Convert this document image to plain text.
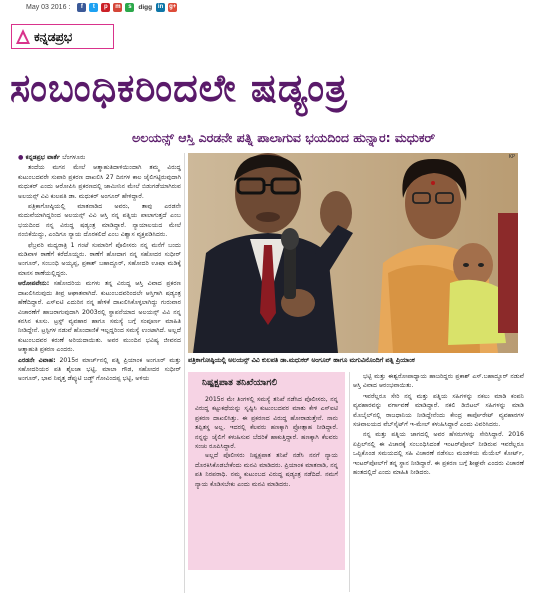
May 03 2016 :	f	t	p	m	s	digg in g+
ಕನ್ನಡಪ್ರಭ
ಸಂಬಂಧಿಕರಿಂದಲೇ ಷಡ್ಯಂತ್ರ
ಅಲಯನ್ಸ್ ಆಸ್ತಿ ಎರಡನೇ ಪತ್ನಿ ಪಾಲಾಗುವ ಭಯದಿಂದ ಹುನ್ನಾರ: ಮಧುಕರ್

● ಕನ್ನಡಪ್ರಭ ವಾರ್ತೆ ಬೆಂಗಳೂರು

ತಂದೆಯ ಮಗನ ಮೇಲೆ ಆತ್ಮಾಹುತಿದಾಳಿಯಿಂದಾಗಿ ತಮ್ಮ ವಿರುದ್ಧ ಕುಟುಂಬದವರೇ ಸುಪಾರಿ ಪ್ರಕರಣ ದಾಖಲಿಸಿ 27 ದಿನಗಳ ಕಾಲ ಜೈಲಿಗಟ್ಟಿರುವುದಾಗಿ ಮಧುಕರ್ ಎಂದು ಆರೋಪಿಸಿ ಪ್ರಕರಣದಲ್ಲಿ ಜಾಮೀನಿನ ಮೇಲೆ ಬಿಡುಗಡೆಯಾಗಿರುವ ಅಲಯನ್ಸ್ ವಿವಿ ಕುಲಪತಿ ಡಾ. ಮಧುಕರ್ ಅಂಗೂರ್ ಹೇಳಿದ್ದಾರೆ.

ಪತ್ರಿಕಾಗೋಷ್ಠಿಯಲ್ಲಿ ಮಾತನಾಡಿದ ಅವರು, ತಾವು ಎರಡನೇ ಮದುವೆಯಾಗಿದ್ದರಿಂದ ಅಲಯನ್ಸ್ ವಿವಿ ಆಸ್ತಿ ನನ್ನ ಪತ್ನಿಯ ಪಾಲಾಗುತ್ತದೆ ಎಂಬ ಭಯದಿಂದ ನನ್ನ ವಿರುದ್ಧ ಷಡ್ಯಂತ್ರ ಮಾಡಿದ್ದಾರೆ. ನ್ಯಾಯಾಲಯದ ಮೇಲೆ ನಂಬಿಕೆಯಿದ್ದು, ಎಂದಿಗೂ ನ್ಯಾಯ ದೊರಕಲಿದೆ ಎಂಬ ವಿಶ್ವಾಸ ವ್ಯಕ್ತಪಡಿಸಿದರು.

ಫೆಬ್ರವರಿ ಮಧ್ಯರಾತ್ರಿ 1 ಗಂಟೆ ಸುಮಾರಿಗೆ ಪೊಲೀಸರು ನನ್ನ ಮನೆಗೆ ಬಂದು ಮಡಿವಾಳ ಠಾಣೆಗೆ ಕರೆದೊಯ್ದರು. ಠಾಣೆಗೆ ಹೋದಾಗ ನನ್ನ ಸಹೋದರ ಸುಧೀರ್ ಅಂಗೂರ್, ಸಂಬಂಧಿ ಅಯ್ಯಪ್ಪ, ಪ್ರಕಾಶ್ ಬಹಾದ್ದೂರ್, ಸಹೋದರಿ ಊಷಾ ಮಡಿಕ್ಕೆ ಮಾನಸ ಠಾಣೆಯಲ್ಲಿದ್ದರು.

ಆರೋಪವೇನು: ಸಹೋದರಿಯ ಮಗಳು ತನ್ನ ವಿರುದ್ಧ ಆಸ್ತಿ ವಿವಾದ ಪ್ರಕರಣ ದಾಖಲಿಸಿರುವುದು ತೀವ್ರ ಆಘಾತವಾಗಿದೆ. ಕುಟುಂಬದವರಿಂದಲೇ ಆಸ್ತಿಗಾಗಿ ಷಡ್ಯಂತ್ರ ಹೆಣೆದಿದ್ದಾರೆ. ಎಸ್‌ಐಟಿ ಎದುರಿನ ನನ್ನ ಹೇಳಿಕೆ ದಾಖಲಿಸಿಕೊಳ್ಳಲಾಗಿದ್ದು ಗುರುವಾರ ವಿಚಾರಣೆಗೆ ಹಾಜರಾಗುವುದಾಗಿ 2003ರಲ್ಲಿ ಸ್ಥಾಪನೆಯಾದ ಅಲಯನ್ಸ್ ವಿವಿ ನನ್ನ ಕನಸಿನ ಕೂಸು. ಟ್ರಸ್ಟ್ ವ್ಯವಹಾರ ಹಾಗೂ ಸಮಸ್ಯೆ ಬಗ್ಗೆ ಸಂಪೂರ್ಣ ಮಾಹಿತಿ ನೀಡಿದ್ದೇನೆ. ಟ್ರಸ್ಟಿಗಳ ನಡುವೆ ಹೊಂದಾಣಿಕೆ ಇಲ್ಲದ್ದರಿಂದ ಸಮಸ್ಯೆ ಉಂಟಾಗಿದೆ. ಅಲ್ಲದೆ ಕುಟುಂಬದವರ ಕರುಣೆ ಅರಿಯದಾಯಿತು. ಅವರ ಮುಂದಿನ ಭವಿಷ್ಯ ಜೀವನದ ಆತ್ಮಾಹುತಿ ಪ್ರಕರಣ ಎಂದರು.

ಎರಡನೇ ವಿವಾಹ: 2015ರ ಮಾರ್ಚ್‌ನಲ್ಲಿ ಪತ್ನಿ ಪ್ರಿಯಾಂಕ ಅಂಗೂರ್ ಮತ್ತು ಸಹೋದರಿಯರ ಪತಿ ಶೈಲಜಾ ಭಟ್ಟಿ, ಮಾಲಾ ಗೌಡ, ಸಹೋದರ ಸುಧೀರ್ ಅಂಗೂರ್, ಭಾವ ನಿವೃತ್ತ ಡೆಪ್ಯುಟಿ ಜಡ್ಜ್ ಗೋವಿಂದಪ್ಪ ಭಟ್ಟಿ, ಅಳಿಯ

KP
ಪತ್ರಿಕಾಗೋಷ್ಠಿಯಲ್ಲಿ ಅಲಯನ್ಸ್ ವಿವಿ ಕುಲಪತಿ ಡಾ.ಮಧುಕರ್ ಅಂಗೂರ್ ಹಾಗೂ ಮಗುವಿನೊಂದಿಗೆ ಪತ್ನಿ ಪ್ರಿಯಾಂಕ
ನಿಷ್ಪಕ್ಷಪಾತ ತನಿಖೆಯಾಗಲಿ

2015ರ ಮೇ ತಿಂಗಳಲ್ಲಿ ಸಮಸ್ಯೆ ತನಿಖೆ ನಡೆಸಿದ ಪೊಲೀಸರು, ನನ್ನ ವಿರುದ್ಧ ಕಟ್ಟುಕಥೆಯನ್ನು ಸೃಷ್ಟಿಸಿ ಕುಟುಂಬದವರ ಮಾತು ಕೇಳಿ ಎಸ್‌ಐಟಿ ಪ್ರಕರಣ ದಾಖಲಿಸಿತ್ತು. ಈ ಪ್ರಕರಣದ ವಿರುದ್ಧ ಹೋರಾಡುತ್ತೇನೆ. ನಾನು ತಪ್ಪಿತಸ್ಥ ಅಲ್ಲ. ಇದರಲ್ಲಿ ಕೆಲವರು ಹಣಕ್ಕಾಗಿ ಪ್ರೋತ್ಸಾಹ ನೀಡಿದ್ದಾರೆ. ನನ್ನನ್ನು ಜೈಲಿಗೆ ಕಳುಹಿಸುವ ಬೆದರಿಕೆ ಹಾಕುತ್ತಿದ್ದಾರೆ. ಹಣಕ್ಕಾಗಿ ಕೆಲವರು ಸಂಚು ರೂಪಿಸಿದ್ದಾರೆ.

ಅಲ್ಲದೆ ಪೊಲೀಸರು ನಿಷ್ಪಕ್ಷಪಾತ ತನಿಖೆ ನಡೆಸಿ ನನಗೆ ನ್ಯಾಯ ದೊರಕಿಸಿಕೊಡಬೇಕೆಂದು ಮನವಿ ಮಾಡಿದರು. ಪ್ರಿಯಾಂಕ ಮಾತನಾಡಿ, ನನ್ನ ಪತಿ ನಿರಪರಾಧಿ. ನಮ್ಮ ಕುಟುಂಬದ ವಿರುದ್ಧ ಷಡ್ಯಂತ್ರ ನಡೆದಿದೆ. ನಮಗೆ ನ್ಯಾಯ ಕೊಡಿಸಬೇಕು ಎಂದು ಮನವಿ ಮಾಡಿದರು.

ಭಟ್ಟಿ ಮತ್ತು ಈಶ್ವರೋಪಾಧ್ಯಾಯ ಹಾಜರಿದ್ದರು ಪ್ರಕಾಶ್ ಎಸ್.ಬಹಾದ್ದೂರ್ ನಡುವೆ ಆಸ್ತಿ ವಿವಾದ ಆರಂಭವಾಯಿತು.

ಇವರೆಲ್ಲರೂ ಸೇರಿ ನನ್ನ ಮತ್ತು ಪತ್ನಿಯ ಸಹಿಗಳನ್ನು ನಕಲು ಮಾಡಿ ಕಂಪನಿ ವ್ಯವಹಾರವನ್ನು ವರ್ಗಾವಣೆ ಮಾಡಿದ್ದಾರೆ. ನಕಲಿ ಡಿಜಿಟಲ್ ಸಹಿಗಳನ್ನು ಮಾಡಿ ಮೊಬೈಲ್‌ನಲ್ಲಿ ರಾಜಧಾನಿಯ ನೀಡಿದ್ದೇನೆಂದು ಕೇಂದ್ರ ಕಾರ್ಪೊರೇಟ್ ವ್ಯವಹಾರಗಳ ಸಚಿವಾಲಯದ ವೆಬ್‌ಸೈಟ್‌ಗೆ ಇ-ಮೇಲ್ ಕಳುಹಿಸಿದ್ದಾರೆ ಎಂದು ವಿವರಿಸಿದರು.

ನನ್ನ ಮತ್ತು ಪತ್ನಿಯ ಜಾಗದಲ್ಲಿ ಅವರ ಹೆಸರುಗಳನ್ನು ಸೇರಿಸಿದ್ದಾರೆ. 2016 ಏಪ್ರಿಲ್‌ನಲ್ಲಿ ಈ ವಿಚಾರಕ್ಕೆ ಸಂಬಂಧಿಸಿದಂತೆ ಇಂಟರ್‌ಪೋಲ್ ನೀಡಿರುವ ಇವರೆಲ್ಲರೂ ಒಪ್ಪಿಕೊಂಡ ಸಮಯದಲ್ಲಿ ಸಹಿ ವಿಚಾರಣೆ ನಡೆಸಲು ಮಂಡಳಿಯ ಮೆಯೆಲ್ ಕೋರ್ಟ್, ಇಂಟರ್‌ಪೋಲ್‌ಗೆ ತನ್ನ ಸ್ಥಾನ ನೀಡಿದ್ದಾರೆ. ಈ ಪ್ರಕರಣ ಬಗ್ಗೆ ಶೀಘ್ರವೇ ಎಂದರು ವಿಚಾರಣೆ ಹಂತದಲ್ಲಿದೆ ಎಂದು ಮಾಹಿತಿ ನೀಡಿದರು.
